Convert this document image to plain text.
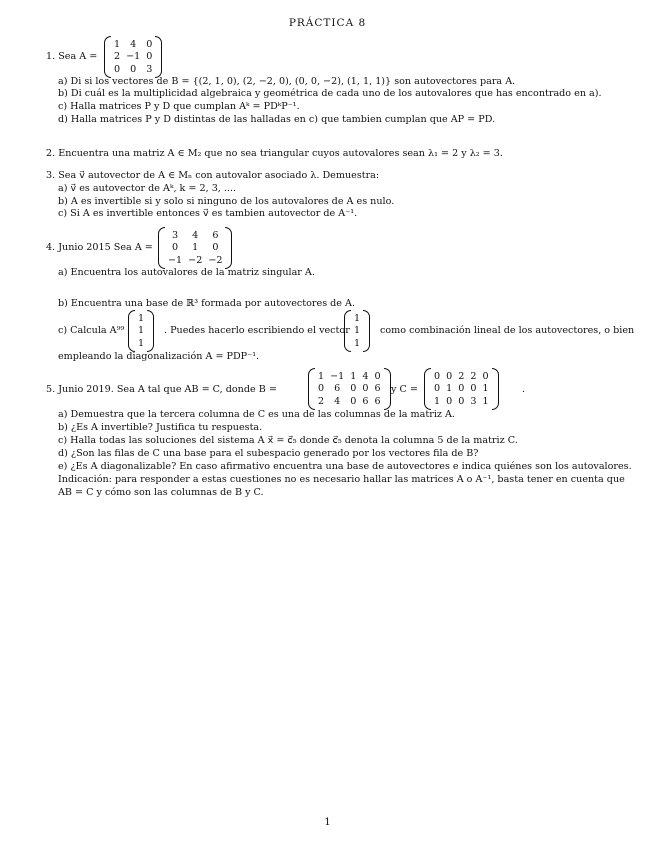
PRÁCTICA 8
1. Sea A =
1	4	0
2	−1	0
0	0	3
a) Di si los vectores de B = {(2, 1, 0), (2, −2, 0), (0, 0, −2), (1, 1, 1)} son autovectores para A.
b) Di cuál es la multiplicidad algebraica y geométrica de cada uno de los autovalores que has encontrado en a).
c) Halla matrices P y D que cumplan Aᵏ = PDᵏP⁻¹.
d) Halla matrices P y D distintas de las halladas en c) que tambien cumplan que AP = PD.
2. Encuentra una matriz A ∈ M₂ que no sea triangular cuyos autovalores sean λ₁ = 2 y λ₂ = 3.
3. Sea v⃗ autovector de A ∈ Mₙ con autovalor asociado λ. Demuestra:
a) v⃗ es autovector de Aᵏ, k = 2, 3, ....
b) A es invertible si y solo si ninguno de los autovalores de A es nulo.
c) Si A es invertible entonces v⃗ es tambien autovector de A⁻¹.
4. Junio 2015 Sea A =
3	4	6
0	1	0
−1	−2	−2
a) Encuentra los autovalores de la matriz singular A.
b) Encuentra una base de ℝ³ formada por autovectores de A.
c) Calcula A⁹⁹
1
1
1
. Puedes hacerlo escribiendo el vector
1
1
1
como combinación lineal de los autovectores, o bien
empleando la diagonalización A = PDP⁻¹.
5. Junio 2019. Sea A tal que AB = C, donde B =
1	−1	1	4	0
0	6	0	0	6
2	4	0	6	6
y C =
0	0	2	2	0
0	1	0	0	1
1	0	0	3	1
.
a) Demuestra que la tercera columna de C es una de las columnas de la matriz A.
b) ¿Es A invertible? Justifica tu respuesta.
c) Halla todas las soluciones del sistema A x⃗ = c⃗₅ donde c⃗₅ denota la columna 5 de la matriz C.
d) ¿Son las filas de C una base para el subespacio generado por los vectores fila de B?
e) ¿Es A diagonalizable? En caso afirmativo encuentra una base de autovectores e indica quiénes son los autovalores.
Indicación: para responder a estas cuestiones no es necesario hallar las matrices A o A⁻¹, basta tener en cuenta que
AB = C y cómo son las columnas de B y C.
1
